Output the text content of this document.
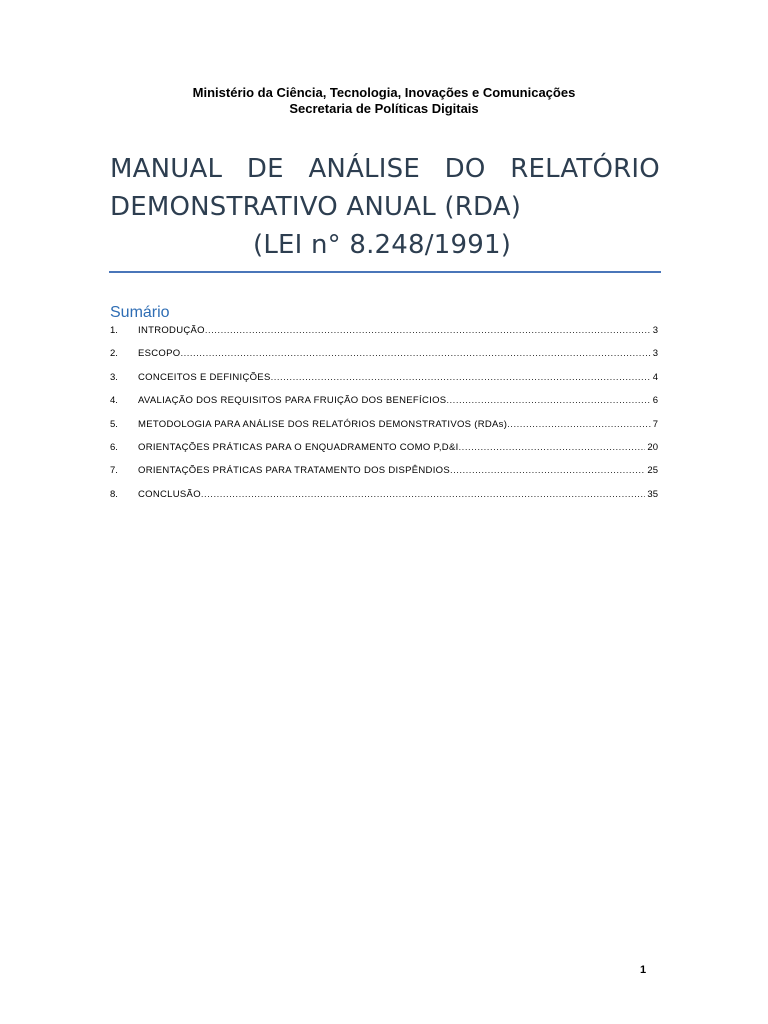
Ministério da Ciência, Tecnologia, Inovações e Comunicações
Secretaria de Políticas Digitais
MANUAL DE ANÁLISE DO RELATÓRIO
DEMONSTRATIVO ANUAL (RDA)
(LEI n° 8.248/1991)
Sumário
1.	INTRODUÇÃO .....	3
2.	ESCOPO .....	3
3.	CONCEITOS E DEFINIÇÕES .....	4
4.	AVALIAÇÃO DOS REQUISITOS PARA FRUIÇÃO DOS BENEFÍCIOS .....	6
5.	METODOLOGIA PARA ANÁLISE DOS RELATÓRIOS DEMONSTRATIVOS (RDAs) .....	7
6.	ORIENTAÇÕES PRÁTICAS PARA O ENQUADRAMENTO COMO P,D&I .....	20
7.	ORIENTAÇÕES PRÁTICAS PARA TRATAMENTO DOS DISPÊNDIOS .....	25
8.	CONCLUSÃO .....	35
1
